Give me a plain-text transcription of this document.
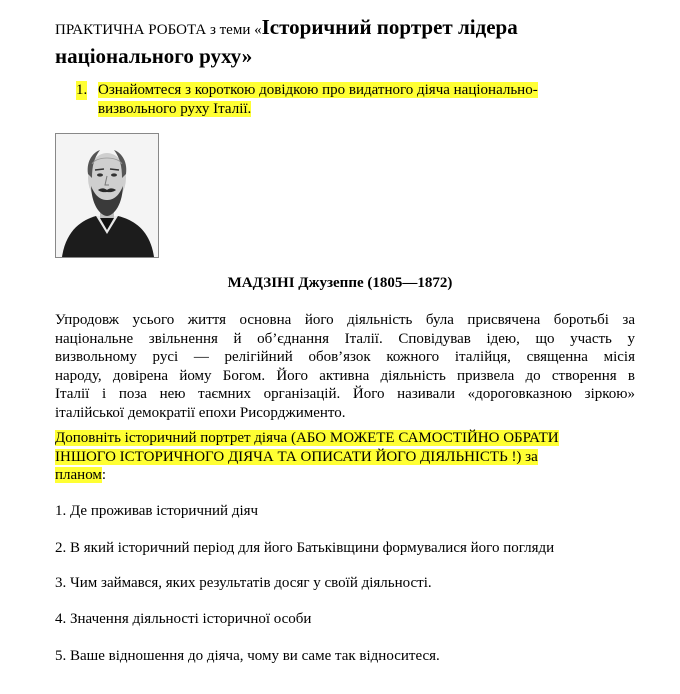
ПРАКТИЧНА РОБОТА з теми «Історичний портрет лідера
національного руху»
1. Ознайомтеся з короткою довідкою про видатного діяча національно-
визвольного руху Італії.
МАДЗІНІ Джузеппе (1805—1872)
Упродовж усього життя основна його діяльність була присвячена боротьбі за
національне звільнення й об’єднання Італії. Сповідував ідею, що участь у
визвольному русі — релігійний обов’язок кожного італійця, священна місія
народу, довірена йому Богом. Його активна діяльність призвела до створення в
Італії і поза нею таємних організацій. Його називали «дороговказною зіркою»
італійської демократії епохи Рисорджименто.
Доповніть історичний портрет діяча (АБО МОЖЕТЕ САМОСТІЙНО ОБРАТИ
ІНШОГО ІСТОРИЧНОГО ДІЯЧА ТА ОПИСАТИ ЙОГО ДІЯЛЬНІСТЬ !) за
планом:
1. Де проживав історичний діяч
2. В який історичний період для його Батьківщини формувалися його погляди
3. Чим займався, яких результатів досяг у своїй діяльності.
4. Значення діяльності історичної особи
5. Ваше відношення до діяча, чому ви саме так відноситеся.
